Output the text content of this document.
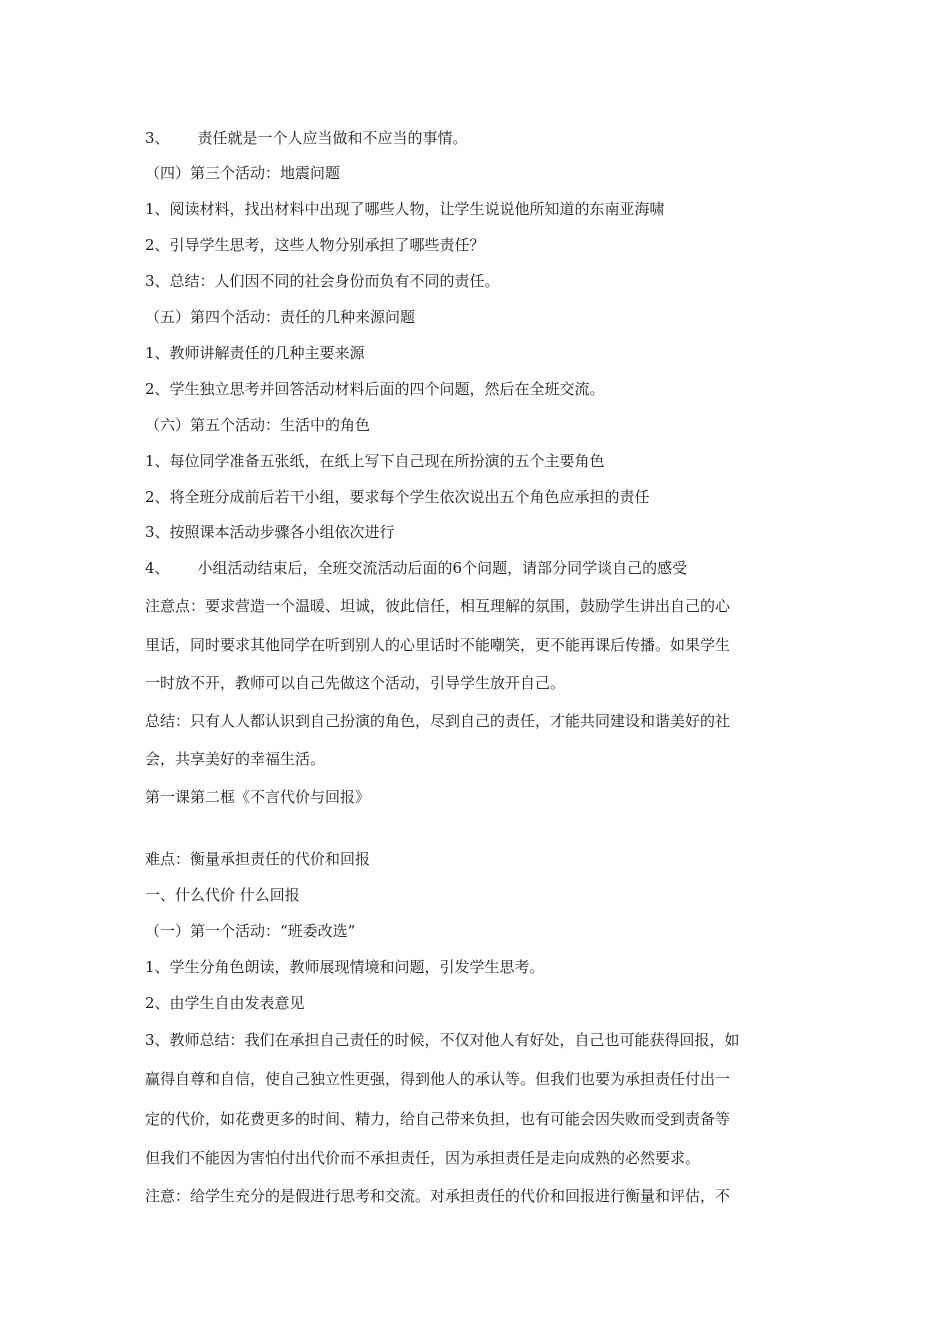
3、 责任就是一个人应当做和不应当的事情。
（四）第三个活动：地震问题
1、阅读材料，找出材料中出现了哪些人物，让学生说说他所知道的东南亚海啸
2、引导学生思考，这些人物分别承担了哪些责任？
3、总结：人们因不同的社会身份而负有不同的责任。
（五）第四个活动：责任的几种来源问题
1、教师讲解责任的几种主要来源
2、学生独立思考并回答活动材料后面的四个问题，然后在全班交流。
（六）第五个活动：生活中的角色
1、每位同学准备五张纸，在纸上写下自己现在所扮演的五个主要角色
2、将全班分成前后若干小组，要求每个学生依次说出五个角色应承担的责任
3、按照课本活动步骤各小组依次进行
4、 小组活动结束后，全班交流活动后面的6个问题，请部分同学谈自己的感受
注意点：要求营造一个温暖、坦诚，彼此信任，相互理解的氛围，鼓励学生讲出自己的心
里话，同时要求其他同学在听到别人的心里话时不能嘲笑，更不能再课后传播。如果学生
一时放不开，教师可以自己先做这个活动，引导学生放开自己。
总结：只有人人都认识到自己扮演的角色，尽到自己的责任，才能共同建设和谐美好的社
会，共享美好的幸福生活。
第一课第二框《不言代价与回报》
难点：衡量承担责任的代价和回报
一、什么代价 什么回报
（一）第一个活动：“班委改选”
1、学生分角色朗读，教师展现情境和问题，引发学生思考。
2、由学生自由发表意见
3、教师总结：我们在承担自己责任的时候，不仅对他人有好处，自己也可能获得回报，如
赢得自尊和自信，使自己独立性更强，得到他人的承认等。但我们也要为承担责任付出一
定的代价，如花费更多的时间、精力，给自己带来负担，也有可能会因失败而受到责备等
但我们不能因为害怕付出代价而不承担责任，因为承担责任是走向成熟的必然要求。
注意：给学生充分的是假进行思考和交流。对承担责任的代价和回报进行衡量和评估，不
